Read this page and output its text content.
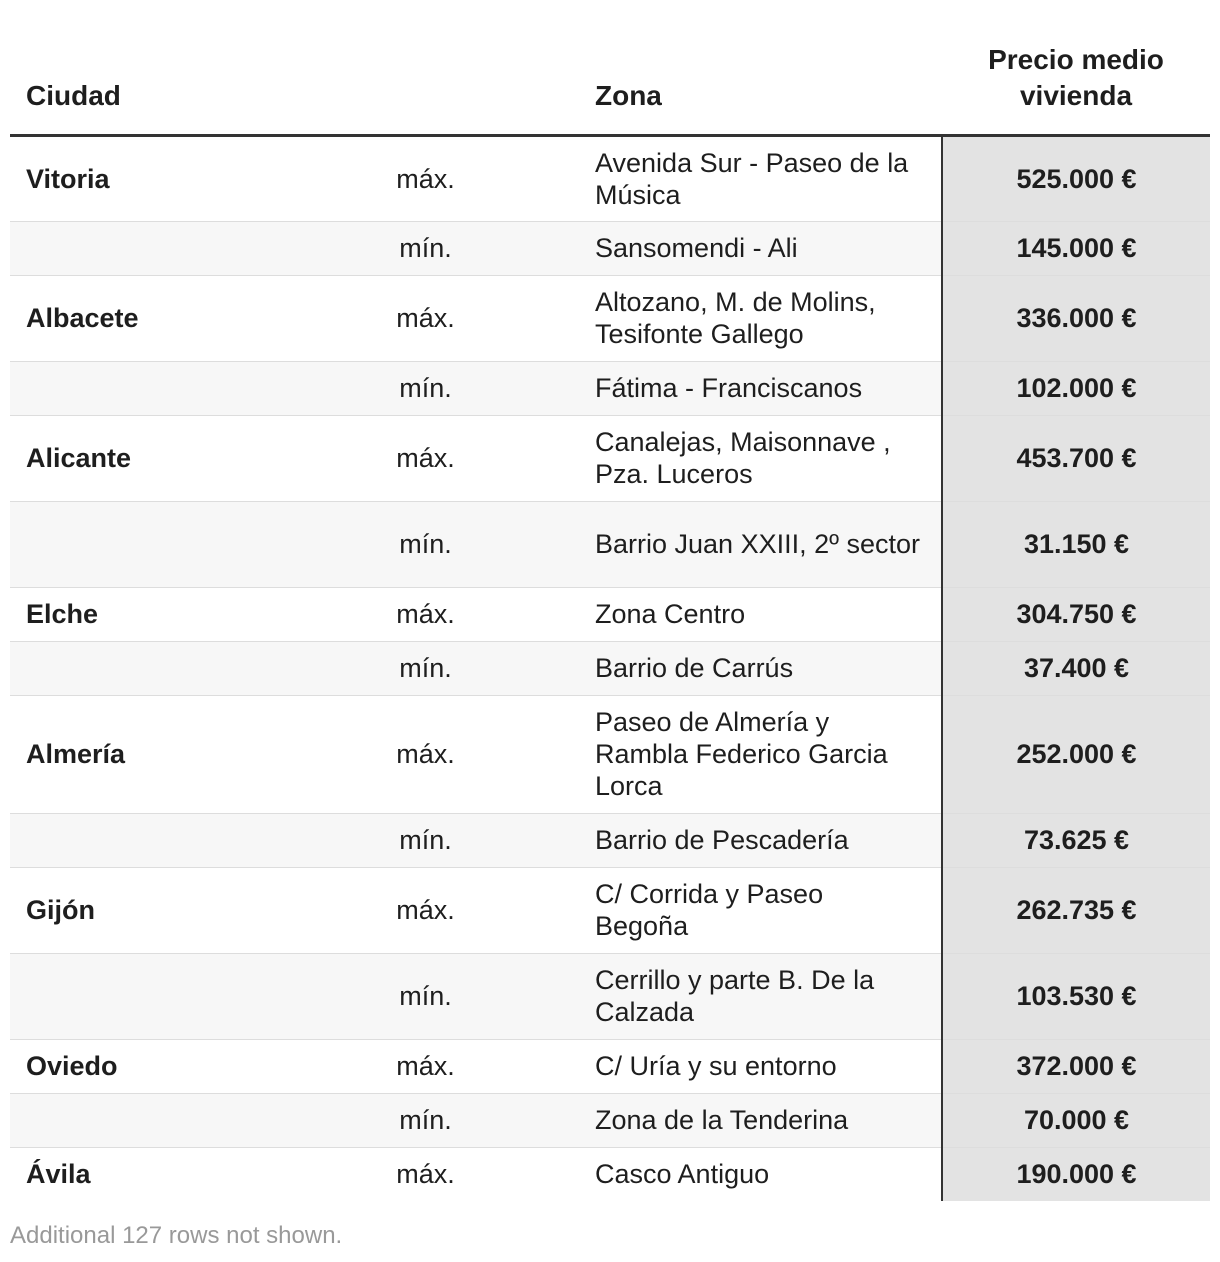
Ciudad		Zona	Precio medio vivienda
Vitoria	máx.	Avenida Sur - Paseo de la Música	525.000 €
	mín.	Sansomendi - Ali	145.000 €
Albacete	máx.	Altozano, M. de Molins, Tesifonte Gallego	336.000 €
	mín.	Fátima - Franciscanos	102.000 €
Alicante	máx.	Canalejas, Maisonnave , Pza. Luceros	453.700 €
	mín.	Barrio Juan XXIII, 2º sector	31.150 €
Elche	máx.	Zona Centro	304.750 €
	mín.	Barrio de Carrús	37.400 €
Almería	máx.	Paseo de Almería y Rambla Federico Garcia Lorca	252.000 €
	mín.	Barrio de Pescadería	73.625 €
Gijón	máx.	C/ Corrida y Paseo Begoña	262.735 €
	mín.	Cerrillo y parte B. De la Calzada	103.530 €
Oviedo	máx.	C/ Uría y su entorno	372.000 €
	mín.	Zona de la Tenderina	70.000 €
Ávila	máx.	Casco Antiguo	190.000 €
Additional 127 rows not shown.
